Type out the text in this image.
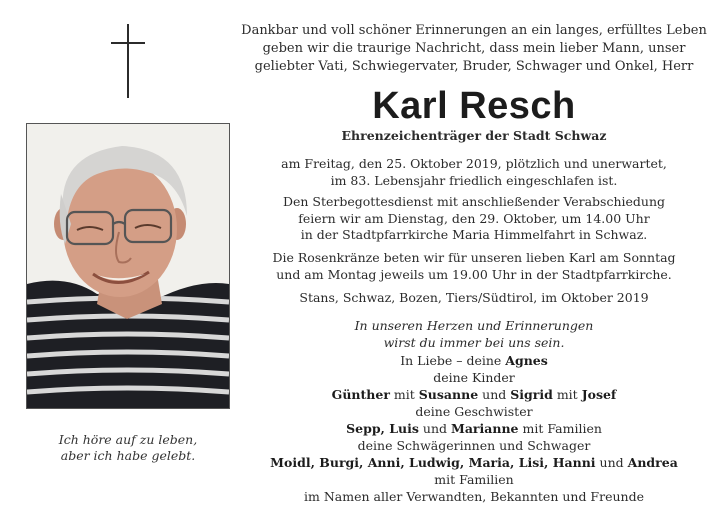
Ich höre auf zu leben,
aber ich habe gelebt.
Dankbar und voll schöner Erinnerungen an ein langes, erfülltes Leben
geben wir die traurige Nachricht, dass mein lieber Mann, unser
geliebter Vati, Schwiegervater, Bruder, Schwager und Onkel, Herr
Karl Resch
Ehrenzeichenträger der Stadt Schwaz
am Freitag, den 25. Oktober 2019, plötzlich und unerwartet,
im 83. Lebensjahr friedlich eingeschlafen ist.
Den Sterbegottesdienst mit anschließender Verabschiedung
feiern wir am Dienstag, den 29. Oktober, um 14.00 Uhr
in der Stadtpfarrkirche Maria Himmelfahrt in Schwaz.
Die Rosenkränze beten wir für unseren lieben Karl am Sonntag
und am Montag jeweils um 19.00 Uhr in der Stadtpfarrkirche.
Stans, Schwaz, Bozen, Tiers/Südtirol, im Oktober 2019
In unseren Herzen und Erinnerungen
wirst du immer bei uns sein.
In Liebe – deine Agnes
deine Kinder
Günther mit Susanne und Sigrid mit Josef
deine Geschwister
Sepp, Luis und Marianne mit Familien
deine Schwägerinnen und Schwager
Moidl, Burgi, Anni, Ludwig, Maria, Lisi, Hanni und Andrea
mit Familien
im Namen aller Verwandten, Bekannten und Freunde
